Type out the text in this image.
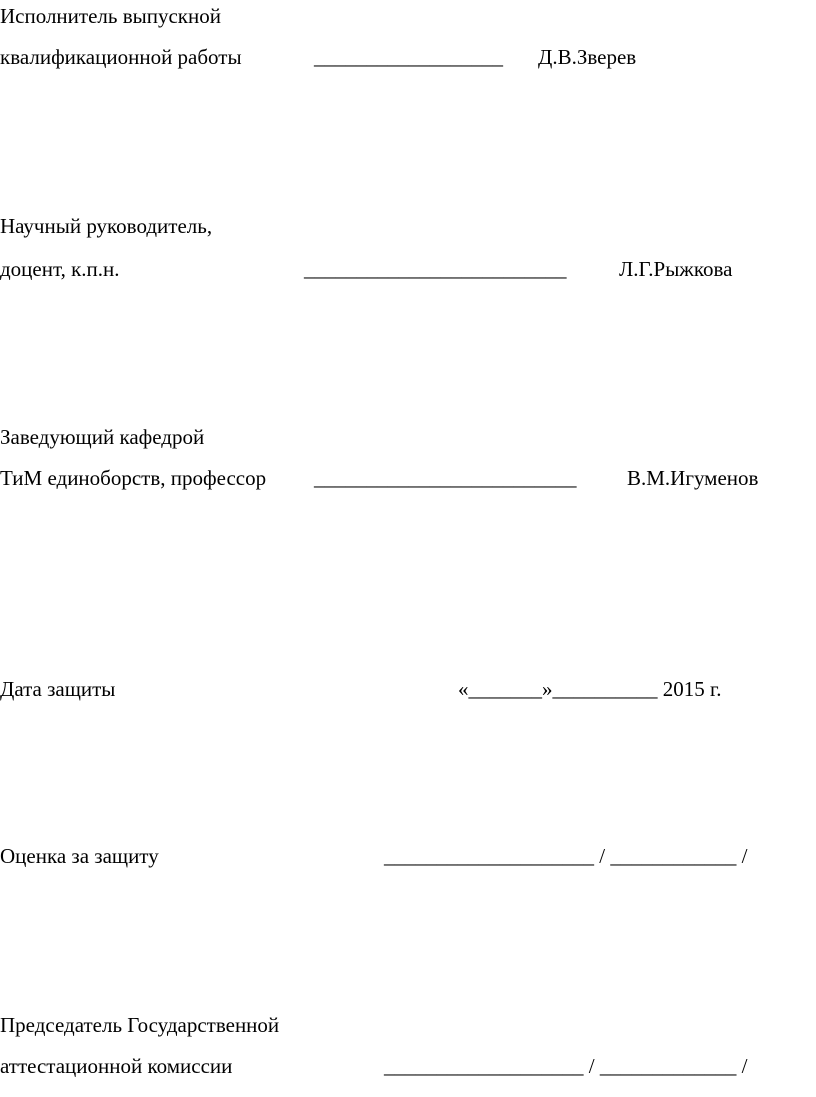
Исполнитель выпускной
квалификационной работы	__________________ Д.В.Зверев
Научный руководитель,
доцент, к.п.н.	_________________________	Л.Г.Рыжкова
Заведующий кафедрой
ТиМ единоборств, профессор _________________________ В.М.Игуменов
Дата защиты	«_______»__________ 2015 г.
Оценка за защиту	____________________ / ____________ /
Председатель Государственной
аттестационной комиссии	___________________ / _____________ /
